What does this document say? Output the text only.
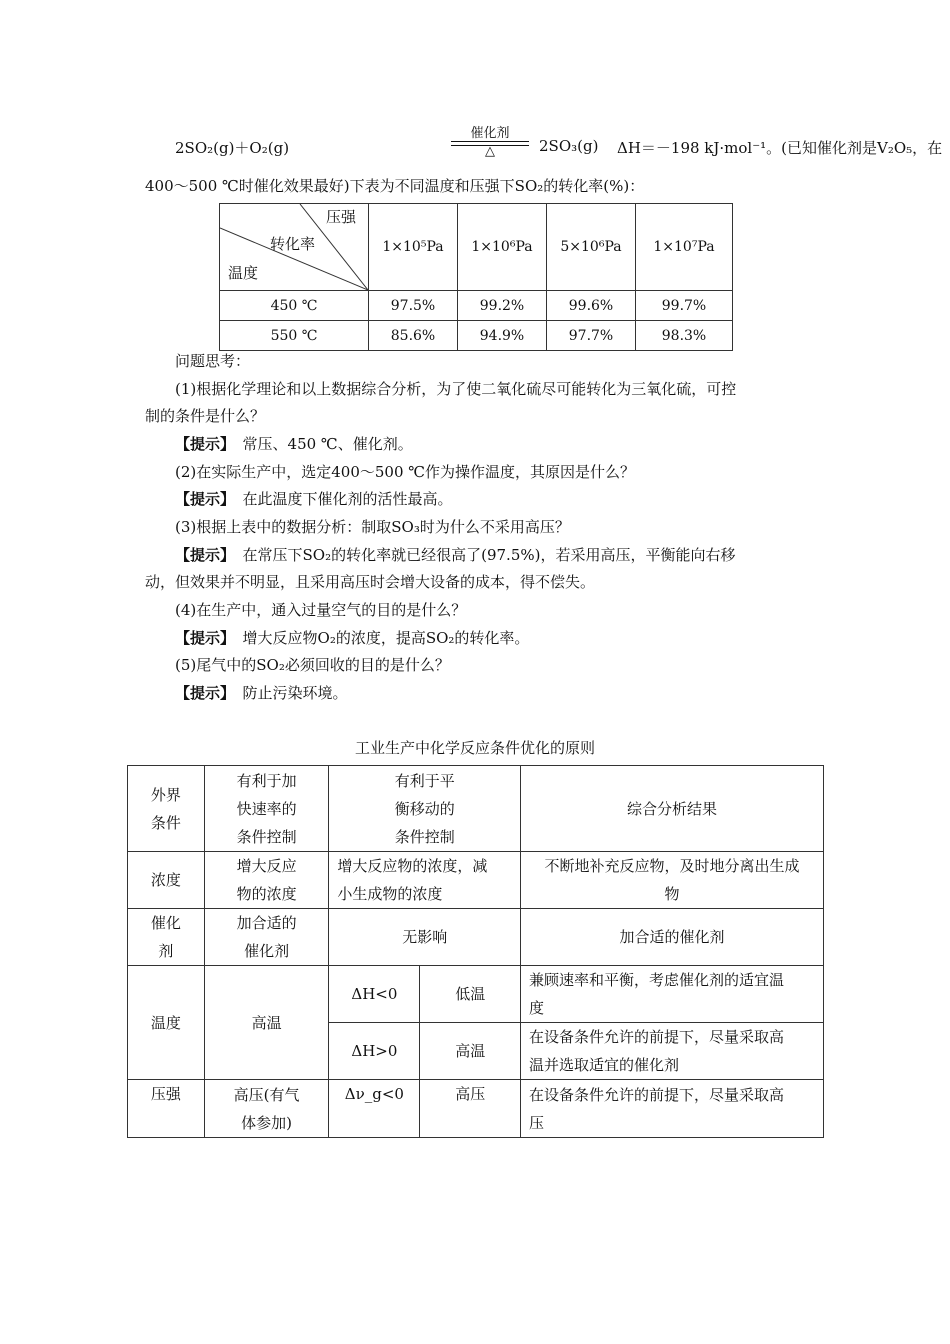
2SO₂(g)＋O₂(g)
催化剂
△	2SO₃(g) ΔH＝－198 kJ·mol⁻¹。(已知催化剂是V₂O₅，在
400～500 ℃时催化效果最好)下表为不同温度和压强下SO₂的转化率(%)：
压强
转化率
温度	1×10⁵Pa	1×10⁶Pa	5×10⁶Pa	1×10⁷Pa
450 ℃	97.5%	99.2%	99.6%	99.7%
550 ℃	85.6%	94.9%	97.7%	98.3%
问题思考：
(1)根据化学理论和以上数据综合分析，为了使二氧化硫尽可能转化为三氧化硫，可控
制的条件是什么？
【提示】　 常压、450 ℃、催化剂。
(2)在实际生产中，选定400～500 ℃作为操作温度，其原因是什么？
【提示】　 在此温度下催化剂的活性最高。
(3)根据上表中的数据分析：制取SO₃时为什么不采用高压？
【提示】　 在常压下SO₂的转化率就已经很高了(97.5%)，若采用高压，平衡能向右移
动，但效果并不明显，且采用高压时会增大设备的成本，得不偿失。
(4)在生产中，通入过量空气的目的是什么？
【提示】　 增大反应物O₂的浓度，提高SO₂的转化率。
(5)尾气中的SO₂必须回收的目的是什么？
【提示】　 防止污染环境。
工业生产中化学反应条件优化的原则
外界
条件	有利于加
快速率的
条件控制	有利于平
衡移动的
条件控制		综合分析结果
浓度	增大反应
物的浓度	增大反应物的浓度，减
小生成物的浓度		不断地补充反应物，及时地分离出生成
物
催化
剂	加合适的
催化剂	无影响		加合适的催化剂
温度	高温	ΔH<0	低温	兼顾速率和平衡，考虑催化剂的适宜温
度
		ΔH>0	高温	在设备条件允许的前提下，尽量采取高
温并选取适宜的催化剂
压强	高压(有气
体参加)	Δν_g<0	高压	在设备条件允许的前提下，尽量采取高
压
